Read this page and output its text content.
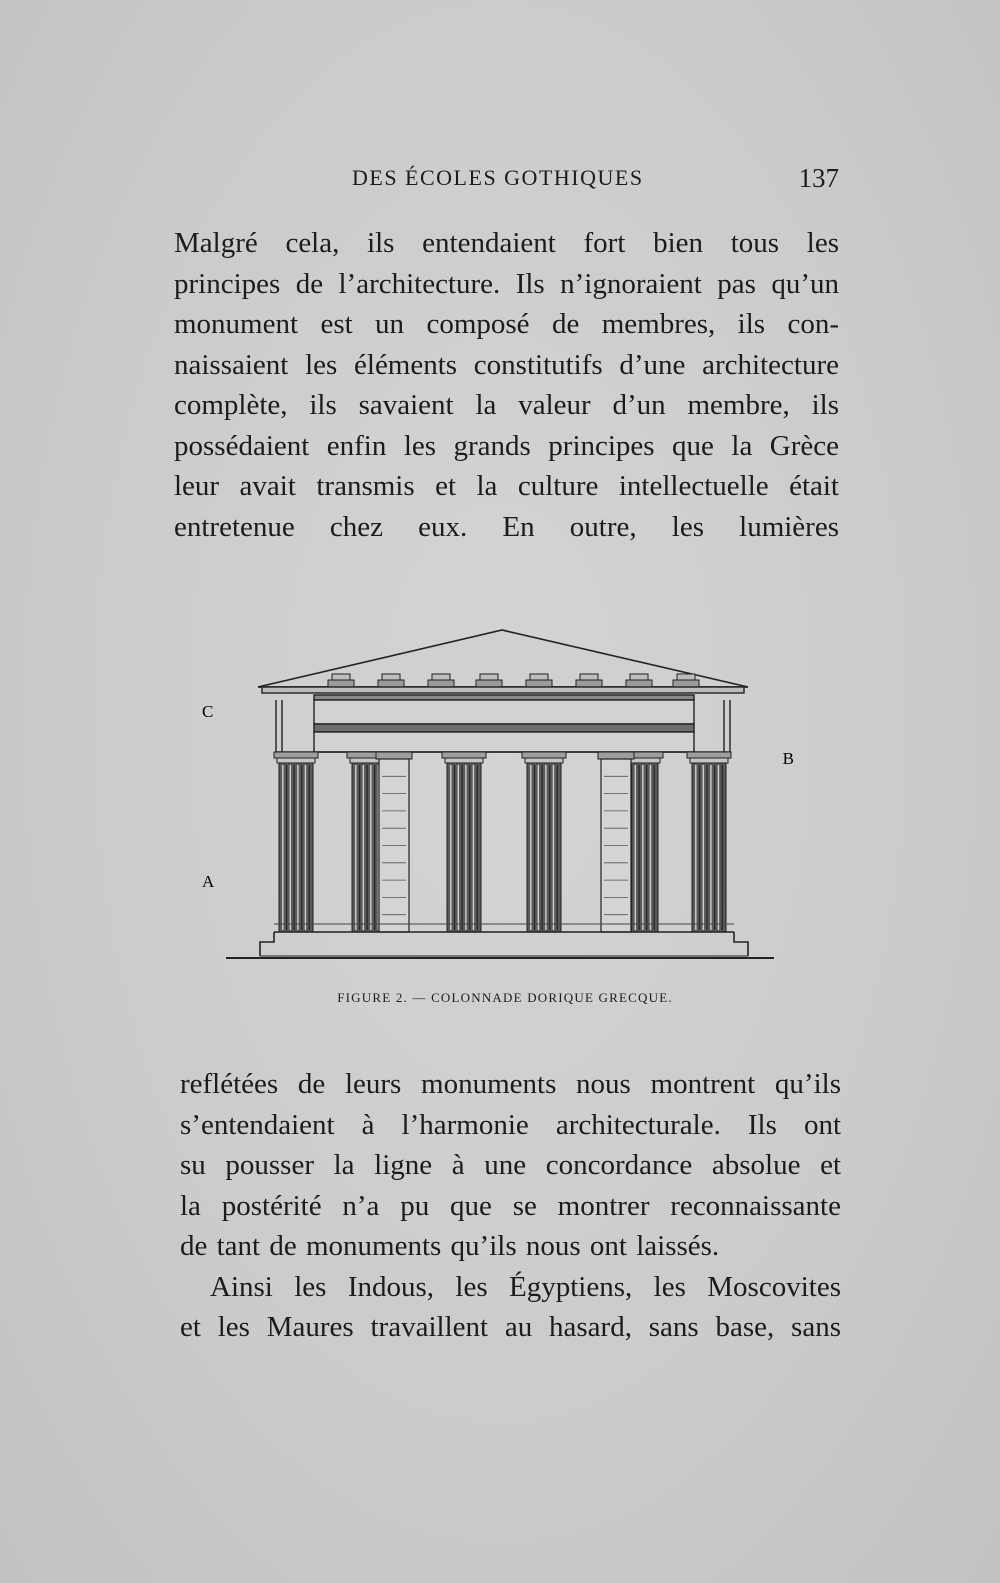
DES ÉCOLES GOTHIQUES	137
Malgré cela, ils entendaient fort bien tous les
principes de l’architecture. Ils n’ignoraient pas qu’un
monument est un composé de membres, ils con-
naissaient les éléments constitutifs d’une architecture
complète, ils savaient la valeur d’un membre, ils
possédaient enfin les grands principes que la Grèce
leur avait transmis et la culture intellectuelle était
entretenue chez eux. En outre, les lumières
C
B
A
FIGURE 2. — COLONNADE DORIQUE GRECQUE.
reflétées de leurs monuments nous montrent qu’ils
s’entendaient à l’harmonie architecturale. Ils ont
su pousser la ligne à une concordance absolue et
la postérité n’a pu que se montrer reconnaissante
de tant de monuments qu’ils nous ont laissés.
Ainsi les Indous, les Égyptiens, les Moscovites
et les Maures travaillent au hasard, sans base, sans
